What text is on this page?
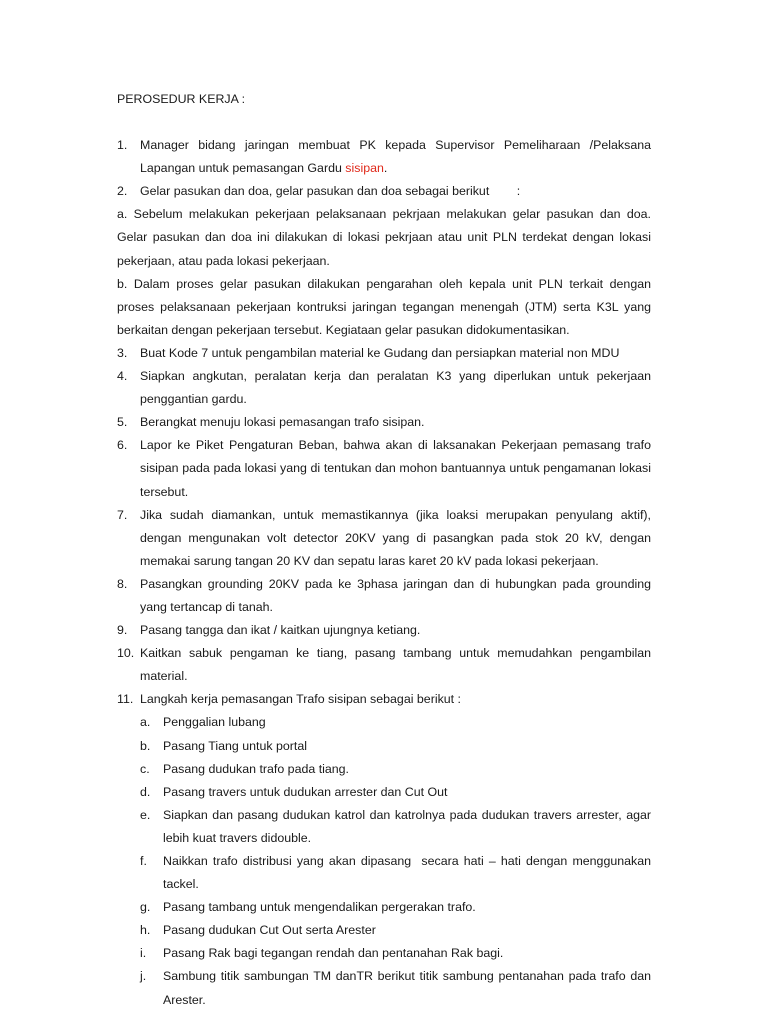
PEROSEDUR KERJA :
1.	Manager bidang jaringan membuat PK kepada Supervisor Pemeliharaan /Pelaksana Lapangan untuk pemasangan Gardu sisipan.
2.	Gelar pasukan dan doa, gelar pasukan dan doa sebagai berikut        :
a. Sebelum melakukan pekerjaan pelaksanaan pekrjaan melakukan gelar pasukan dan doa. Gelar pasukan dan doa ini dilakukan di lokasi pekrjaan atau unit PLN terdekat dengan lokasi pekerjaan, atau pada lokasi pekerjaan.
b. Dalam proses gelar pasukan dilakukan pengarahan oleh kepala unit PLN terkait dengan proses pelaksanaan pekerjaan kontruksi jaringan tegangan menengah (JTM) serta K3L yang berkaitan dengan pekerjaan tersebut. Kegiataan gelar pasukan didokumentasikan.
3.	Buat Kode 7 untuk pengambilan material ke Gudang dan persiapkan material non MDU
4.	Siapkan angkutan, peralatan kerja dan peralatan K3 yang diperlukan untuk pekerjaan penggantian gardu.
5.	Berangkat menuju lokasi pemasangan trafo sisipan.
6.	Lapor ke Piket Pengaturan Beban, bahwa akan di laksanakan Pekerjaan pemasang trafo sisipan pada pada lokasi yang di tentukan dan mohon bantuannya untuk pengamanan lokasi tersebut.
7.	Jika sudah diamankan, untuk memastikannya (jika loaksi merupakan penyulang aktif), dengan mengunakan volt detector 20KV yang di pasangkan pada stok 20 kV, dengan memakai sarung tangan 20 KV dan sepatu laras karet 20 kV pada lokasi pekerjaan.
8.	Pasangkan grounding 20KV pada ke 3phasa jaringan dan di hubungkan pada grounding yang tertancap di tanah.
9.	Pasang tangga dan ikat / kaitkan ujungnya ketiang.
10. Kaitkan sabuk pengaman ke tiang, pasang tambang untuk memudahkan pengambilan material.
11. Langkah kerja pemasangan Trafo sisipan sebagai berikut :
a.	Penggalian lubang
b.	Pasang Tiang untuk portal
c.	Pasang dudukan trafo pada tiang.
d.	Pasang travers untuk dudukan arrester dan Cut Out
e.	Siapkan dan pasang dudukan katrol dan katrolnya pada dudukan travers arrester, agar lebih kuat travers didouble.
f.	Naikkan trafo distribusi yang akan dipasang  secara hati – hati dengan menggunakan tackel.
g.	Pasang tambang untuk mengendalikan pergerakan trafo.
h.	Pasang dudukan Cut Out serta Arester
i.	Pasang Rak bagi tegangan rendah dan pentanahan Rak bagi.
j.	Sambung titik sambungan TM danTR berikut titik sambung pentanahan pada trafo dan Arester.
